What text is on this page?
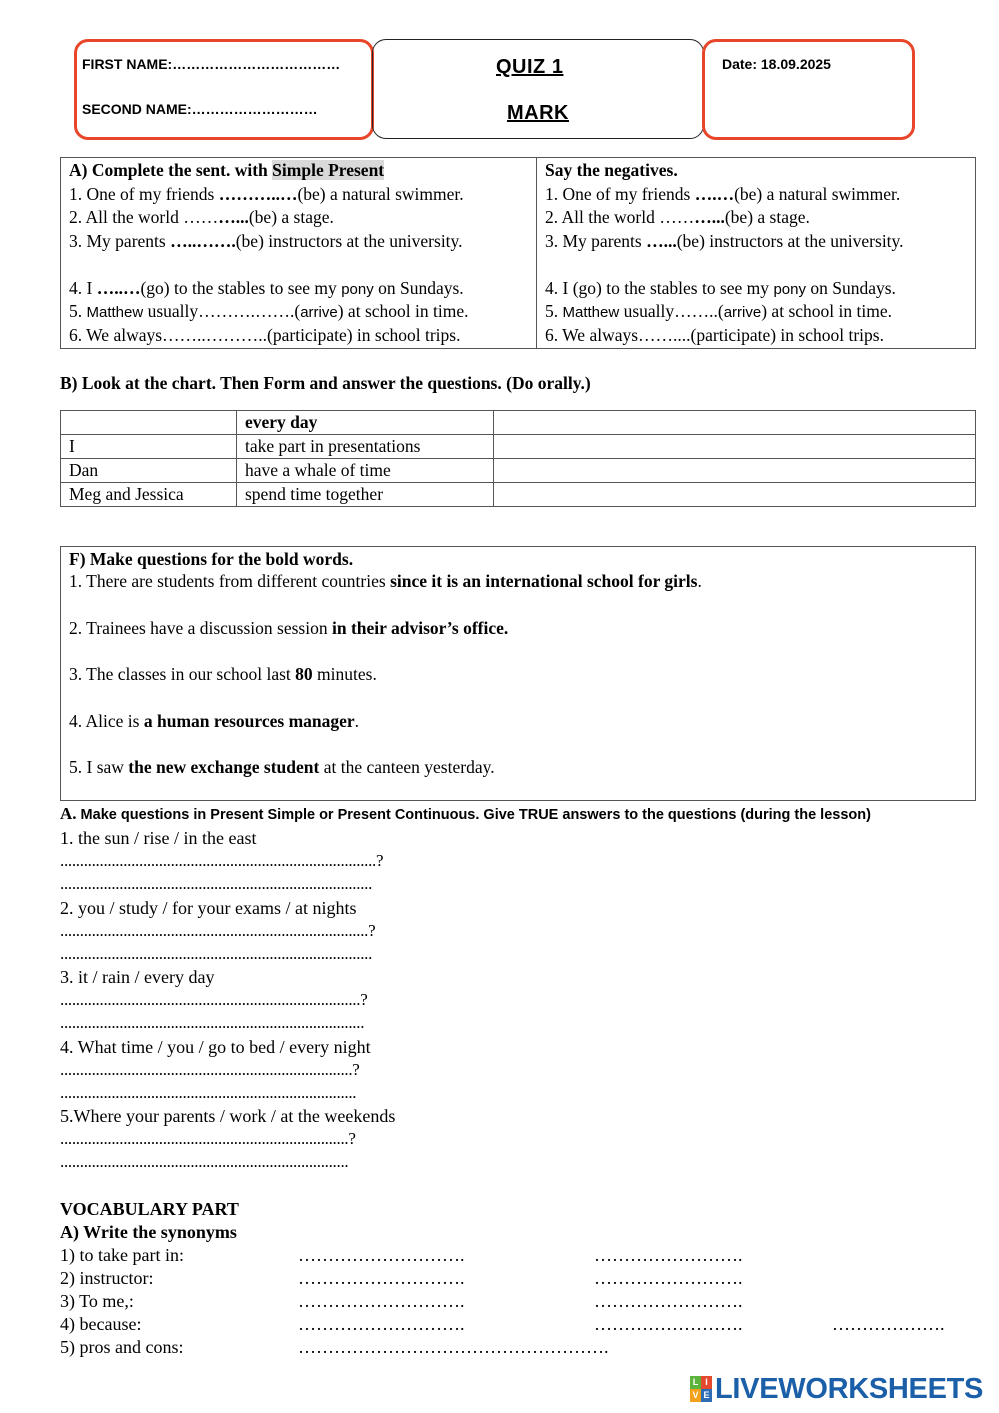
FIRST NAME:………………………………
SECOND NAME:………………………
QUIZ 1
MARK
Date: 18.09.2025
A) Complete the sent. with Simple Present
1. One of my friends ………..…(be) a natural swimmer.
2. All the world ………...(be) a stage.
3. My parents …..…….(be) instructors at the university.
4. I …..…(go) to the stables to see my pony on Sundays.
5. Matthew usually……….…….(arrive) at school in time.
6. We always……..………..(participate) in school trips.

Say the negatives.
1. One of my friends ….…(be) a natural swimmer.
2. All the world ………...(be) a stage.
3. My parents …...(be) instructors at the university.
4. I (go) to the stables to see my pony on Sundays.
5. Matthew usually……..(arrive) at school in time.
6. We always……....(participate) in school trips.
B) Look at the chart. Then Form and answer the questions. (Do orally.)
	every day	
I	take part in presentations	
Dan	have a whale of time	
Meg and Jessica	spend time together	
F) Make questions for the bold words.
1. There are students from different countries since it is an international school for girls.
2. Trainees have a discussion session in their advisor’s office.
3. The classes in our school last 80 minutes.
4. Alice is a human resources manager.
5. I saw the new exchange student at the canteen yesterday.
A. Make questions in Present Simple or Present Continuous. Give TRUE answers to the questions (during the lesson)
1. the sun / rise / in the east
................................................................................?
...............................................................................
2. you / study / for your exams / at nights
..............................................................................?
...............................................................................
3. it / rain / every day
............................................................................?
.............................................................................
4. What time / you / go to bed / every night
..........................................................................?
...........................................................................
5.Where your parents / work / at the weekends
.........................................................................?
.........................................................................
VOCABULARY PART
A) Write the synonyms
1) to take part in:	……………………….	…………………….
2) instructor:	……………………….	…………………….
3) To me,:	……………………….	…………………….
4) because:	……………………….	…………………….	……………….
5) pros and cons:	…………………………………………….
L I
V E LIVEWORKSHEETS
